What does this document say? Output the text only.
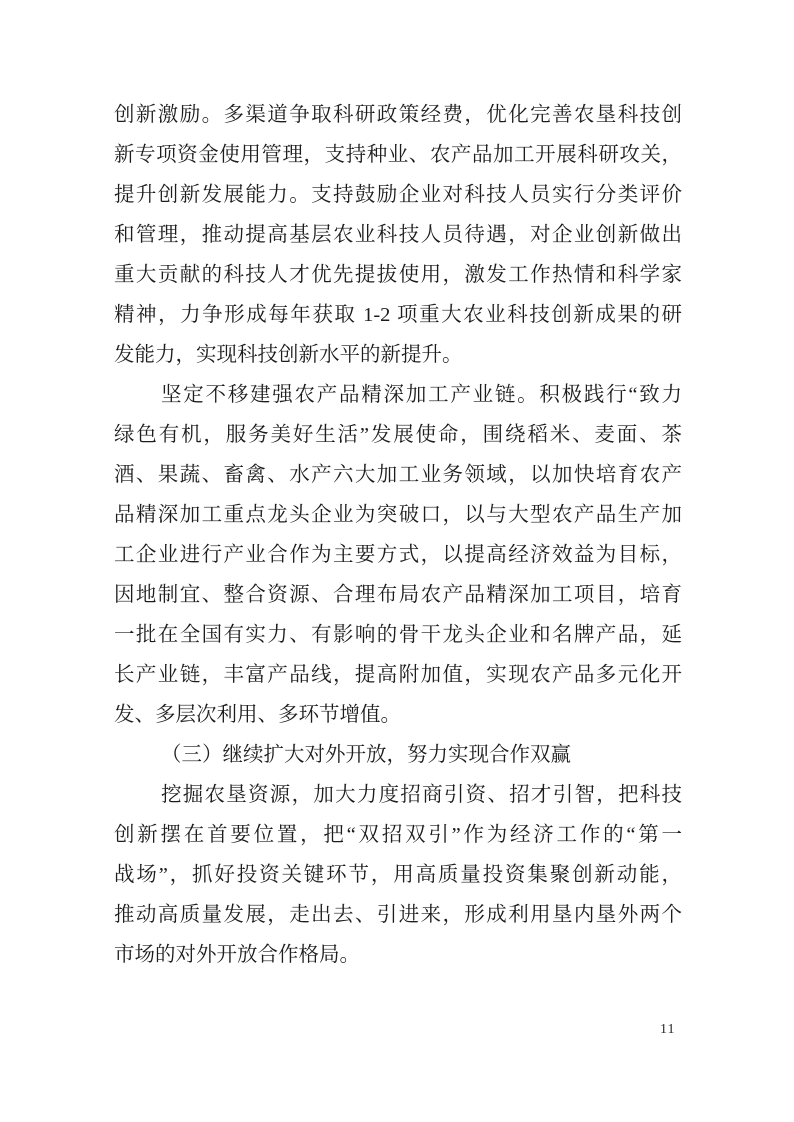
创新激励。多渠道争取科研政策经费，优化完善农垦科技创
新专项资金使用管理，支持种业、农产品加工开展科研攻关，
提升创新发展能力。支持鼓励企业对科技人员实行分类评价
和管理，推动提高基层农业科技人员待遇，对企业创新做出
重大贡献的科技人才优先提拔使用，激发工作热情和科学家
精神，力争形成每年获取 1-2 项重大农业科技创新成果的研
发能力，实现科技创新水平的新提升。
坚定不移建强农产品精深加工产业链。积极践行“致力
绿色有机，服务美好生活”发展使命，围绕稻米、麦面、茶
酒、果蔬、畜禽、水产六大加工业务领域，以加快培育农产
品精深加工重点龙头企业为突破口，以与大型农产品生产加
工企业进行产业合作为主要方式，以提高经济效益为目标，
因地制宜、整合资源、合理布局农产品精深加工项目，培育
一批在全国有实力、有影响的骨干龙头企业和名牌产品，延
长产业链，丰富产品线，提高附加值，实现农产品多元化开
发、多层次利用、多环节增值。
（三）继续扩大对外开放，努力实现合作双赢
挖掘农垦资源，加大力度招商引资、招才引智，把科技
创新摆在首要位置，把“双招双引”作为经济工作的“第一
战场”，抓好投资关键环节，用高质量投资集聚创新动能，
推动高质量发展，走出去、引进来，形成利用垦内垦外两个
市场的对外开放合作格局。
11
